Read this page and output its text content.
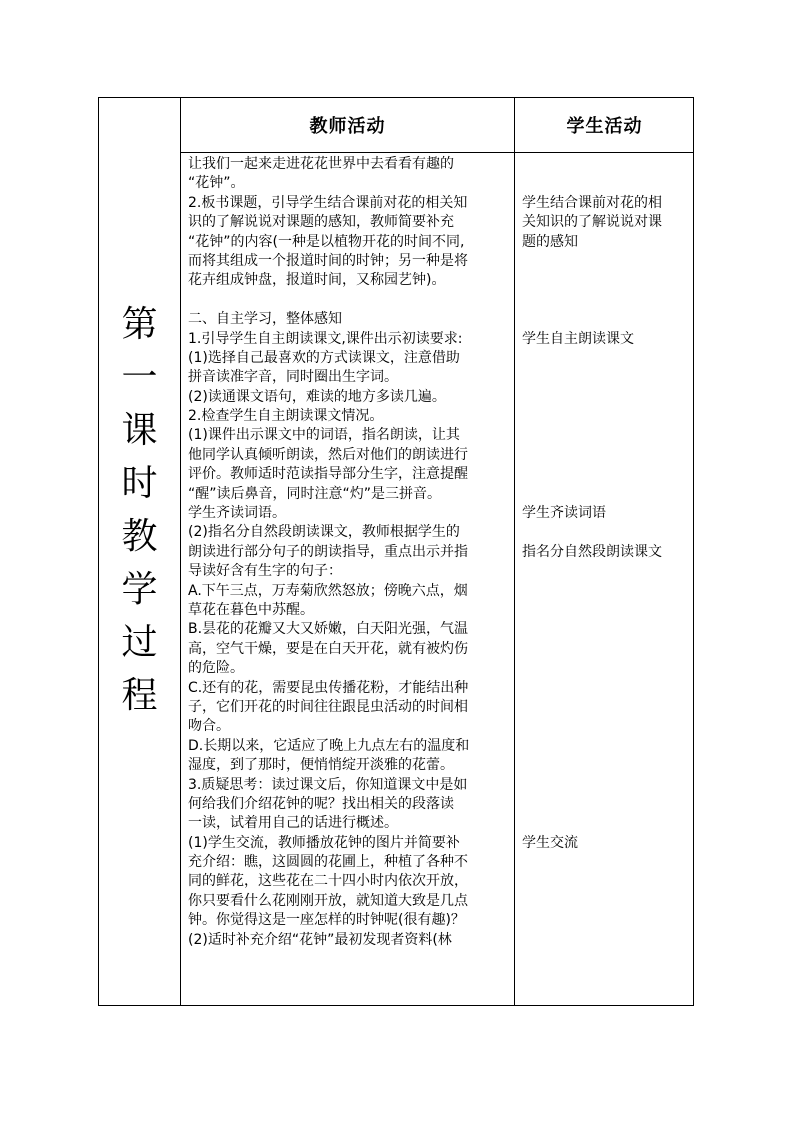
教师活动	学生活动
第
一
课
时
教
学
过
程
让我们一起来走进花花世界中去看看有趣的
“花钟”。
2.板书课题，引导学生结合课前对花的相关知
识的了解说说对课题的感知，教师简要补充
“花钟”的内容(一种是以植物开花的时间不同,
而将其组成一个报道时间的时钟；另一种是将
花卉组成钟盘，报道时间，又称园艺钟)。
二、自主学习，整体感知
1.引导学生自主朗读课文,课件出示初读要求:
(1)选择自己最喜欢的方式读课文，注意借助
拼音读准字音，同时圈出生字词。
(2)读通课文语句，难读的地方多读几遍。
2.检查学生自主朗读课文情况。
(1)课件出示课文中的词语，指名朗读，让其
他同学认真倾听朗读，然后对他们的朗读进行
评价。教师适时范读指导部分生字，注意提醒
“醒”读后鼻音，同时注意“灼”是三拼音。
学生齐读词语。
(2)指名分自然段朗读课文，教师根据学生的
朗读进行部分句子的朗读指导，重点出示并指
导读好含有生字的句子：
A.下午三点，万寿菊欣然怒放；傍晚六点，烟
草花在暮色中苏醒。
B.昙花的花瓣又大又娇嫩，白天阳光强，气温
高，空气干燥，要是在白天开花，就有被灼伤
的危险。
C.还有的花，需要昆虫传播花粉，才能结出种
子，它们开花的时间往往跟昆虫活动的时间相
吻合。
D.长期以来，它适应了晚上九点左右的温度和
湿度，到了那时，便悄悄绽开淡雅的花蕾。
3.质疑思考：读过课文后，你知道课文中是如
何给我们介绍花钟的呢？找出相关的段落读
一读，试着用自己的话进行概述。
(1)学生交流，教师播放花钟的图片并简要补
充介绍：瞧，这圆圆的花圃上，种植了各种不
同的鲜花，这些花在二十四小时内依次开放，
你只要看什么花刚刚开放，就知道大致是几点
钟。你觉得这是一座怎样的时钟呢(很有趣)？
(2)适时补充介绍“花钟”最初发现者资料(林
学生结合课前对花的相
关知识的了解说说对课
题的感知
学生自主朗读课文
学生齐读词语
指名分自然段朗读课文
学生交流
